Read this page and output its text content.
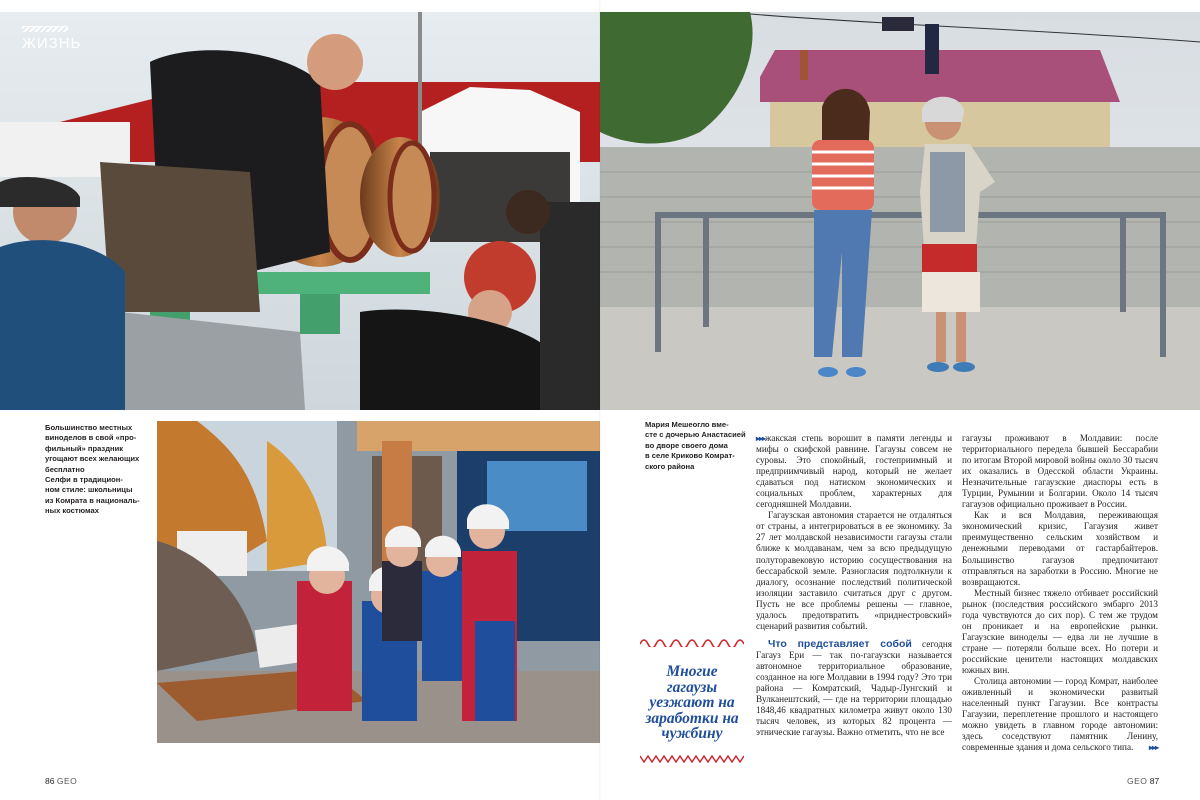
ЖИЗНЬ
Большинство местных
виноделов в свой «про-
фильный» праздник
угощают всех желающих
бесплатно
Селфи в традицион-
ном стиле: школьницы
из Комрата в националь-
ных костюмах
Мария Мешеогло вме-
сте с дочерью Анастасией
во дворе своего дома
в селе Криково Комрат-
ского района
Многие гагаузы уезжают на заработки на чужбину

▸▸▸жакская степь ворошит в памяти легенды и мифы о скифской равнине. Гагаузы совсем не суровы. Это спокойный, гостеприимный и предприимчивый народ, который не желает сдаваться под натиском экономических и социальных проблем, характерных для сегодняшней Молдавии.

Гагаузская автономия старается не отдаляться от страны, а интегрироваться в ее экономику. За 27 лет молдавской независимости гагаузы стали ближе к молдаванам, чем за всю предыдущую полуторавековую историю сосуществования на бессарабской земле. Разногласия подтолкнули к диалогу, осознание последствий политической изоляции заставило считаться друг с другом. Пусть не все проблемы решены — главное, удалось предотвратить «приднестровский» сценарий развития событий.

Что представляет собой сегодня Гагауз Ери — так по-гагаузски называется автономное территориальное образование, созданное на юге Молдавии в 1994 году? Это три района — Комратский, Чадыр-Лунгский и Вулканештский, — где на территории площадью 1848,46 квадратных километра живут около 130 тысяч человек, из которых 82 процента — этнические гагаузы. Важно отметить, что не все

гагаузы проживают в Молдавии: после территориального передела бывшей Бессарабии по итогам Второй мировой войны около 30 тысяч их оказались в Одесской области Украины. Незначительные гагаузские диаспоры есть в Турции, Румынии и Болгарии. Около 14 тысяч гагаузов официально проживает в России.

Как и вся Молдавия, переживающая экономический кризис, Гагаузия живет преимущественно сельским хозяйством и денежными переводами от гастарбайтеров. Большинство гагаузов предпочитают отправляться на заработки в Россию. Многие не возвращаются.

Местный бизнес тяжело отбивает российский рынок (последствия российского эмбарго 2013 года чувствуются до сих пор). С тем же трудом он проникает и на европейские рынки. Гагаузские виноделы — едва ли не лучшие в стране — потеряли больше всех. Но потери и российские ценители настоящих молдавских южных вин.

Столица автономии — город Комрат, наиболее оживленный и экономически развитый населенный пункт Гагаузии. Все контрасты Гагаузии, переплетение прошлого и настоящего можно увидеть в главном городе автономии: здесь соседствуют памятник Ленину, современные здания и дома сельского типа.	▸▸▸

86 GEO	GEO 87
